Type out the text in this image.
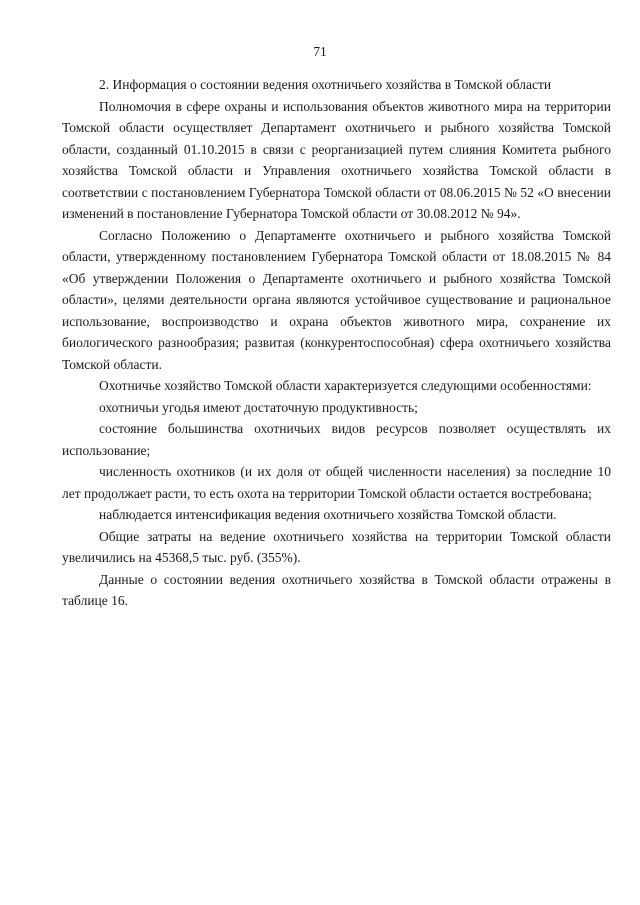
71

2. Информация о состоянии ведения охотничьего хозяйства в Томской области

Полномочия в сфере охраны и использования объектов животного мира на территории Томской области осуществляет Департамент охотничьего и рыбного хозяйства Томской области, созданный 01.10.2015 в связи с реорганизацией путем слияния Комитета рыбного хозяйства Томской области и Управления охотничьего хозяйства Томской области в соответствии с постановлением Губернатора Томской области от 08.06.2015 № 52 «О внесении изменений в постановление Губернатора Томской области от 30.08.2012 № 94».

Согласно Положению о Департаменте охотничьего и рыбного хозяйства Томской области, утвержденному постановлением Губернатора Томской области от 18.08.2015 № 84 «Об утверждении Положения о Департаменте охотничьего и рыбного хозяйства Томской области», целями деятельности органа являются устойчивое существование и рациональное использование, воспроизводство и охрана объектов животного мира, сохранение их биологического разнообразия; развитая (конкурентоспособная) сфера охотничьего хозяйства Томской области.

Охотничье хозяйство Томской области характеризуется следующими особенностями:

охотничьи угодья имеют достаточную продуктивность;

состояние большинства охотничьих видов ресурсов позволяет осуществлять их использование;

численность охотников (и их доля от общей численности населения) за последние 10 лет продолжает расти, то есть охота на территории Томской области остается востребована;

наблюдается интенсификация ведения охотничьего хозяйства Томской области.

Общие затраты на ведение охотничьего хозяйства на территории Томской области увеличились на 45368,5 тыс. руб. (355%).

Данные о состоянии ведения охотничьего хозяйства в Томской области отражены в таблице 16.
